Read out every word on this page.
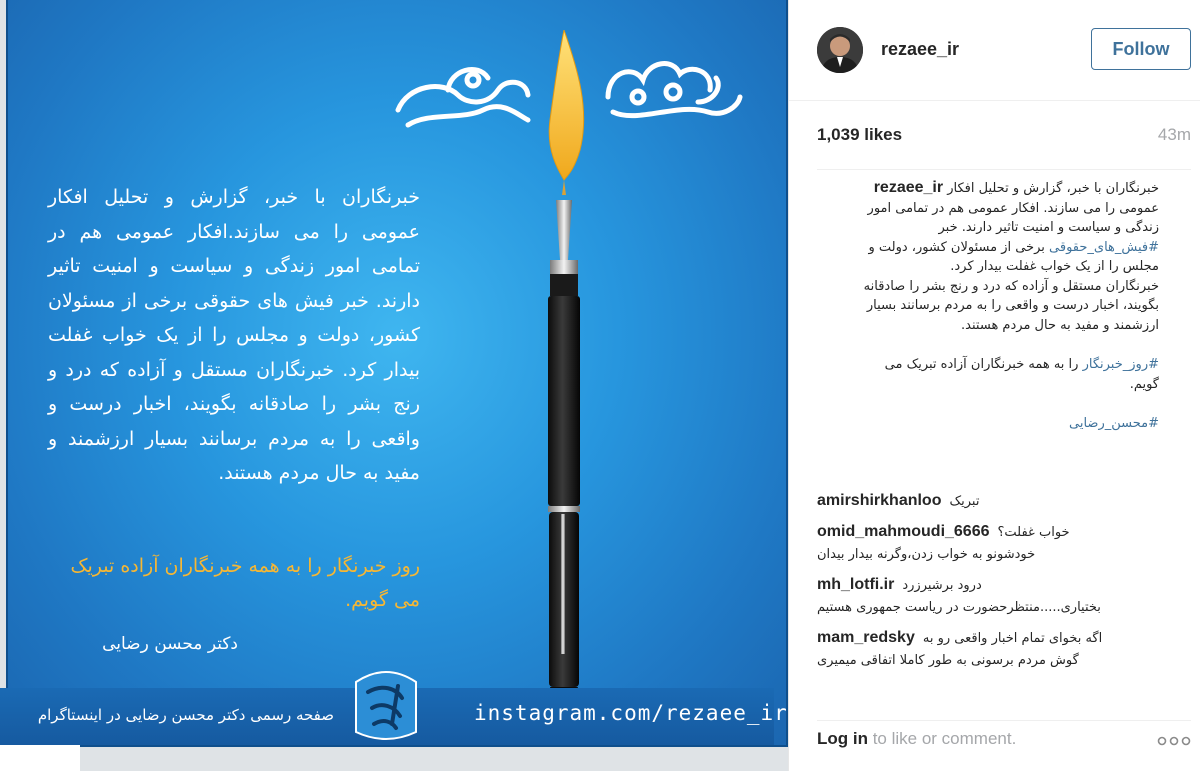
خبرنگاران با خبر، گزارش و تحلیل افکار عمومی را می سازند.افکار عمومی هم در تمامی امور زندگی و سیاست و امنیت تاثیر دارند. خبر فیش های حقوقی برخی از مسئولان کشور، دولت و مجلس را از یک خواب غفلت بیدار کرد. خبرنگاران مستقل و آزاده که درد و رنج بشر را صادقانه بگویند، اخبار درست و واقعی را به مردم برسانند بسیار ارزشمند و مفید به حال مردم هستند.
روز خبرنگار را به همه خبرنگاران آزاده تبریک می گویم.
دکتر محسن رضایی
صفحه رسمی دکتر محسن رضایی در اینستاگرام	instagram.com/rezaee_ir
rezaee_ir	Follow
1,039 likes	43m

خبرنگاران با خبر، گزارش و تحلیل افکار rezaee_ir

عمومی را می سازند. افکار عمومی هم در تمامی امور

زندگی و سیاست و امنیت تاثیر دارند. خبر

#فیش_های_حقوقی برخی از مسئولان کشور، دولت و

مجلس را از یک خواب غفلت بیدار کرد.

خبرنگاران مستقل و آزاده که درد و رنج بشر را صادقانه

بگویند، اخبار درست و واقعی را به مردم برسانند بسیار

ارزشمند و مفید به حال مردم هستند.

#روز_خبرنگار را به همه خبرنگاران آزاده تبریک می

گویم.

#محسن_رضایی

amirshirkhanloo تبریک
omid_mahmoudi_6666 خواب غفلت؟
خودشونو به خواب زدن،وگرنه بیدار بیدان
mh_lotfi.ir درود برشیرزرد
بختیاری.....منتظرحضورت در ریاست جمهوری هستیم
mam_redsky اگه بخوای تمام اخبار واقعی رو به
گوش مردم برسونی به طور کاملا اتفاقی میمیری
Log in to like or comment.
